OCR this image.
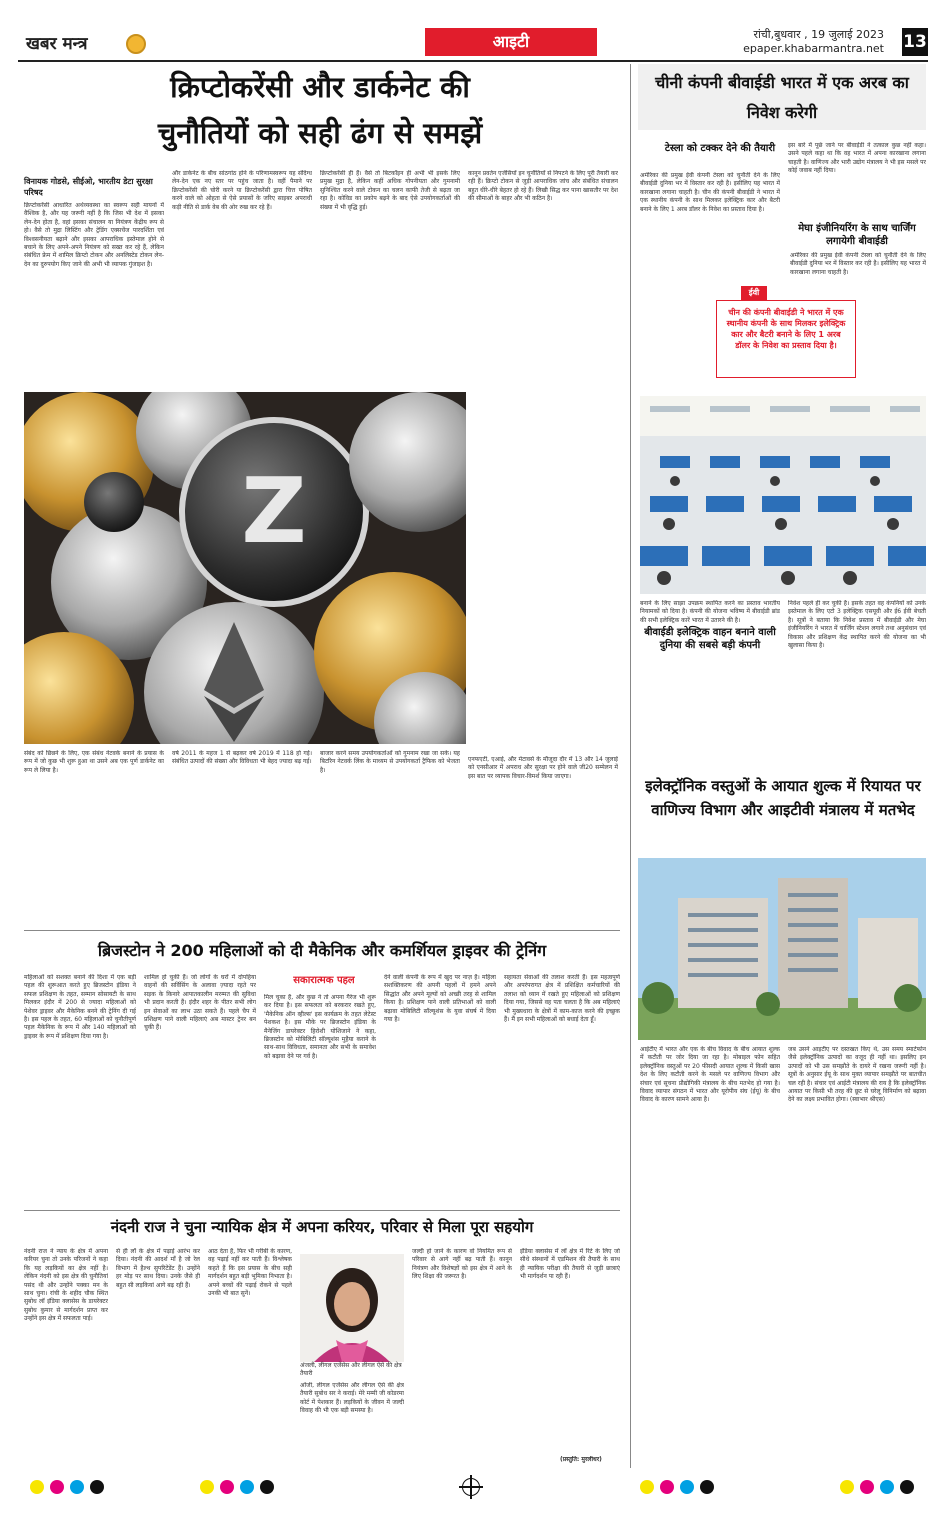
खबर मन्त्र	आइटी	रांची,बुधवार , 19 जुलाई 2023
epaper.khabarmantra.net 13
क्रिप्टोकरेंसी और डार्कनेट की
चुनौतियों को सही ढंग से समझें
विनायक गोडसे, सीईओ, भारतीय डेटा सुरक्षा परिषद
क्रिप्टोकरेंसी आधारित अर्थव्यवस्था का स्वरूप सही मायनों में वैश्विक है, और यह जरूरी नहीं है कि जिस भी देश में इसका लेन-देन होता है, वहां इसका संचालन या नियंत्रण केंद्रीय रूप से हो। वैसे तो मुद्रा लिस्टिंग और ट्रेडिंग एक्सचेंज पारदर्शिता एवं विश्वसनीयता बढ़ाने और इसका आपराधिक इस्तेमाल होने से बचाने के लिए अपने-अपने नियंत्रण को सख्त कर रहे हैं, लेकिन संबंधित फ्रेम में शामिल क्रिप्टो टोकन और अनलिस्टेड टोकन लेन-देन का दुरुपयोग किए जाने की अभी भी व्यापक गुंजाइश है।
और डार्कनेट के बीच सांठगांठ होने के परिणामस्वरूप यह संदिग्ध लेन-देन एक नए स्तर पर पहुंच जाता है। वहीं पैमाने पर क्रिप्टोकरेंसी की चोरी करने या क्रिप्टोकरेंसी द्वारा चित्त पोषित करने वाले को ओहता से ऐसे प्रयासों के जरिए साइबर अपराधी कड़ी नीति से डार्क वेब की ओर रुख कर रहे हैं।
क्रिप्टोकरेंसी ही हैं। वैसे तो बिटकॉइन ही अभी भी इसके लिए प्रमुख मुद्रा है, लेकिन कहीं अधिक गोपनीयता और गुमनामी सुनिश्चित करने वाले टोकन का चलन काफी तेजी से बढ़ता जा रहा है। कोविड का प्रकोप बढ़ने के बाद ऐसे उपयोगकर्ताओं की संख्या में भी वृद्धि हुई।
कानून प्रवर्तन एजेंसियों इन चुनौतियों से निपटने के लिए पूरी तैयारी कर रही हैं। क्रिप्टो टोकन से जुड़ी आपराधिक जांच और संबंधित संचालन बहुत धीरे-धीरे बेहतर हो रहे हैं। लिखी सिद्ध कर पाना खासतौर पर देश की सीमाओं के बाहर और भी कठिन है।
Z
संबंद को छिन्नने के लिए, एक संबंध नेटवर्क बनाने के प्रयास के रूप में जो कुछ भी शुरू हुआ था उसने अब एक पूर्ण डार्कनेट का रूप ले लिया है।
वर्ष 2011 के महज 1 से बढ़कर वर्ष 2019 में 118 हो गई। संबंधित उत्पादों की संख्या और विविधता भी बेहद ज्यादा बढ़ गई।
बाजार करने समय उपयोगकर्ताओं को गुमनाम रखा जा सके। यह बिटरिन नेटवर्क लिंक के माध्यम से उपयोगकर्ता ट्रैफिक को भेजता है।
एनफएटी, एआई, और मेटावर्स के मौजूदा दौर में 13 और 14 जुलाई को एनसीआर में अपराध और सुरक्षा पर होने वाले जी20 सम्मेलन में इस बात पर व्यापक विचार-विमर्श किया जाएगा।
चीनी कंपनी बीवाईडी भारत में एक अरब का निवेश करेगी
टेस्ला को टक्कर देने की तैयारी
अमेरिका की प्रमुख ईवी कंपनी टेस्ला को चुनौती देने के लिए बीवाईडी दुनिया भर में विस्तार कर रही है। इसीलिए यह भारत में कारखाना लगाना चाहती है। चीन की कंपनी बीवाईडी ने भारत में एक स्थानीय कंपनी के साथ मिलकर इलेक्ट्रिक कार और बैटरी बनाने के लिए 1 अरब डॉलर के निवेश का प्रस्ताव दिया है।
इस बारे में पूछे जाने पर बीवाईडी ने तत्काल कुछ नहीं कहा। उसने पहले कहा था कि वह भारत में अपना कारखाना लगाना चाहती है। वाणिज्य और भारी उद्योग मंत्रालय ने भी इस मसले पर कोई जवाब नहीं दिया।
मेघा इंजीनियरिंग के साथ चार्जिंग लगायेगी बीवाईडी
अमेरिका की प्रमुख ईवी कंपनी टेस्ला को चुनौती देने के लिए बीवाईडी दुनिया भर में विस्तार कर रही है। इसीलिए यह भारत में कारखाना लगाना चाहती है।
ईवी
चीन की कंपनी बीवाईडी ने भारत में एक स्थानीय कंपनी के साथ मिलकर इलेक्ट्रिक कार और बैटरी बनाने के लिए 1 अरब डॉलर के निवेश का प्रस्ताव दिया है।
बनाने के लिए साझा उपक्रम स्थापित करने का प्रस्ताव भारतीय नियामकों को दिया है। कंपनी की योजना भविष्य में बीवाईडी ब्रांड की सभी इलेक्ट्रिक कारें भारत में उतारने की है।
बीवाईडी इलेक्ट्रिक वाहन बनाने वाली दुनिया की सबसे बड़ी कंपनी
निवेश पहले ही कर चुकी है। इसके तहत वह कंपनियों को उनके इस्तेमाल के लिए एटो 3 इलेक्ट्रिक एसयूवी और ई6 ईवी बेचती है। सूत्रों ने बताया कि निवेश प्रस्ताव में बीवाईडी और मेघा इंजीनियरिंग ने भारत में चार्जिंग स्टेशन लगाने तथा अनुसंधान एवं विकास और प्रशिक्षण केंद्र स्थापित करने की योजना का भी खुलासा किया है।
इलेक्ट्रॉनिक वस्तुओं के आयात शुल्क में रियायत पर वाणिज्य विभाग और आइटीवी मंत्रालय में मतभेद
आईटीए में भारत और एक के बीच विवाद के बीच आयात शुल्क में कटौती पर जोर दिया जा रहा है। मोबाइल फोन सहित इलेक्ट्रॉनिक वस्तुओं पर 20 फीसदी आयात शुल्क में किसी खास देश के लिए कटौती करने के मसले पर वाणिज्य विभाग और संचार एवं सूचना प्रौद्योगिकी मंत्रालय के बीच मतभेद हो गया है। विवाद व्यापार संगठन में भारत और यूरोपीय संघ (ईयू) के बीच विवाद के कारण सामने आया है।
जब उसने आइटीए पर दस्तखत किए थे, उस समय स्मार्टफोन जैसे इलेक्ट्रॉनिक उत्पादों का वजूद ही नहीं था। इसलिए इन उत्पादों को भी उस समझौते के दायरे में रखना जरूरी नहीं है। सूत्रों के अनुसार ईयू के साथ मुक्त व्यापार समझौते पर बातचीत चल रही है। संचार एवं आईटी मंत्रालय की राय है कि इलेक्ट्रॉनिक आयात पर किसी भी तरह की छूट से घरेलू विनिर्माण को बढ़ावा देने का लक्ष्य प्रभावित होगा। (स्वाभार श्रीएस)
ब्रिजस्टोन ने 200 महिलाओं को दी मैकेनिक और कमर्शियल ड्राइवर की ट्रेनिंग
महिलाओं को सशक्त बनाने की दिशा में एक बड़ी पहल की शुरूआत करते हुए ब्रिजस्टोन इंडिया ने सफल प्रशिक्षण के तहत, सम्मान सोसायटी के साथ मिलकर इंदौर में 200 से ज्यादा महिलाओं को पेशेवर ड्राइवर और मैकेनिक बनने की ट्रेनिंग दी गई है। इस पहल के तहत, 60 महिलाओं को चुनौतीपूर्ण पहल मैकेनिक के रूप में और 140 महिलाओं को ड्राइवर के रूप में प्रशिक्षण दिया गया है।
शामिल हो चुकी हैं। जो लोगों के घरों में दोपहिया वाहनों की सर्विसिंग के अलावा ज़्यादा रहते पर सड़क के किनारे आपातकालीन मरम्मत की सुविधा भी प्रदान करती हैं। इंदौर शहर के पीतर सभी लोग इन सेवाओं का लाभ उठा सकते हैं। पहले चैप में प्रशिक्षण पाने वाली महिलाएं अब मास्टर ट्रेनर बन चुकी हैं।
सकारात्मक पहल
मिल चुका है, और कुछ ने तो अपना गैरेज भी शुरू कर दिया है। इस सफलता को बरकरार रखते हुए, 'मैकेनिक ऑन व्हील्स' इस कार्यक्रम के तहत लेटेस्ट पेशकश है। इस मौके पर ब्रिजस्टोन इंडिया के मैनेजिंग डायरेक्टर हिरोशी योशिजाने ने कहा, ब्रिजस्टोन को मोबिलिटी सॉल्यूशंस मुहैया कराने के साथ-साथ विविधता, समानता और सभी के समावेश को बढ़ावा देने पर गर्व है।
देने वाली कंपनी के रूप में खुद पर नाज़ है। महिला सशक्तिकरण की अपनी पहलों में हमने अपने सिद्धांत और अपने मूल्यों को अच्छी तरह से शामिल किया है। प्रशिक्षण पाने वाली प्रतिभाओं को वाली बढ़ावा मोबिलिटी सॉल्यूशंस के युवा संघर्ष में दिया गया है।
सहायता सेवाओं की तलाश करती हैं। इस महत्वपूर्ण और अपरंपरागत क्षेत्र में प्रशिक्षित कर्मचारियों की तलाश को ध्यान में रखते हुए महिलाओं को प्रशिक्षण दिया गया, जिससे वह पता चलता है कि अब महिलाएं भी मुख्यधारा के क्षेत्रों में काम-काज करने की इच्छुक हैं। मैं इन सभी महिलाओं को बधाई देता हूँ।
नंदनी राज ने चुना न्यायिक क्षेत्र में अपना करियर, परिवार से मिला पूरा सहयोग
नंदनी राज ने न्याय के क्षेत्र में अपना करियर चुना तो उनके परिजनों ने कहा कि यह लड़कियों का क्षेत्र नहीं है। लेकिन नंदनी को इस क्षेत्र की चुनौतियां पसंद थी और उन्होंने पक्का मन के साथ चुना। रांची के शहीद चौक स्थित सुबोध लॉ इंडिया क्लासेस के डायरेक्टर सुबोध कुमार से मार्गदर्शन प्राप्त कर उन्होंने इस क्षेत्र में सफलता पाई।
से ही लॉ के क्षेत्र में पढ़ाई आरंभ कर दिया। नंदनी की आदर्श माँ है जो रेल विभाग में हैल्थ सुपरिटेंडेंट हैं। उन्होंने हर मोड़ पर साथ दिया। उनके जैसे ही बहुत सी लड़कियां आगे बढ़ रही हैं।
आठ देता है, फिर भी गरीबी के कारण, वह पढ़ाई नहीं कर पाती हैं। विश्लेषक कहते हैं कि इस प्रयास के बीच सही मार्गदर्शन बहुत बड़ी भूमिका निभाता है। अपने बच्चों की पढ़ाई रोकने से पहले उनकी भी बात सुनें।
अंजली, लीगल एजेंसेस और लीगल ऐसे की क्षेत्र तैयारी
ओंजी, लीगल एजेंसेस और लीगल ऐसे की क्षेत्र तैयारी सुबोध सर ने कराई। मेरे मम्मी जी कोडरमा कोर्ट में पेशकार हैं। लड़कियों के जीवन में जल्दी विवाह की भी एक बड़ी समस्या है।
जल्दी हो जाने के कारण वो नियमित रूप से परिवार से आगे नहीं बढ़ पाती हैं। कानून नियंत्रण और विशेषज्ञों को इस क्षेत्र में आने के लिए शिक्षा की जरूरत है।
इंडिया क्लासेस में लॉ क्षेत्र में रिटे के लिए जो सीधे संस्थानों में एडमिशन की तैयारी के साथ ही न्यायिक परीक्षा की तैयारी से जुड़ी छात्राएं भी मार्गदर्शन पा रही हैं।
(प्रस्तुति: मुरलीधर)
